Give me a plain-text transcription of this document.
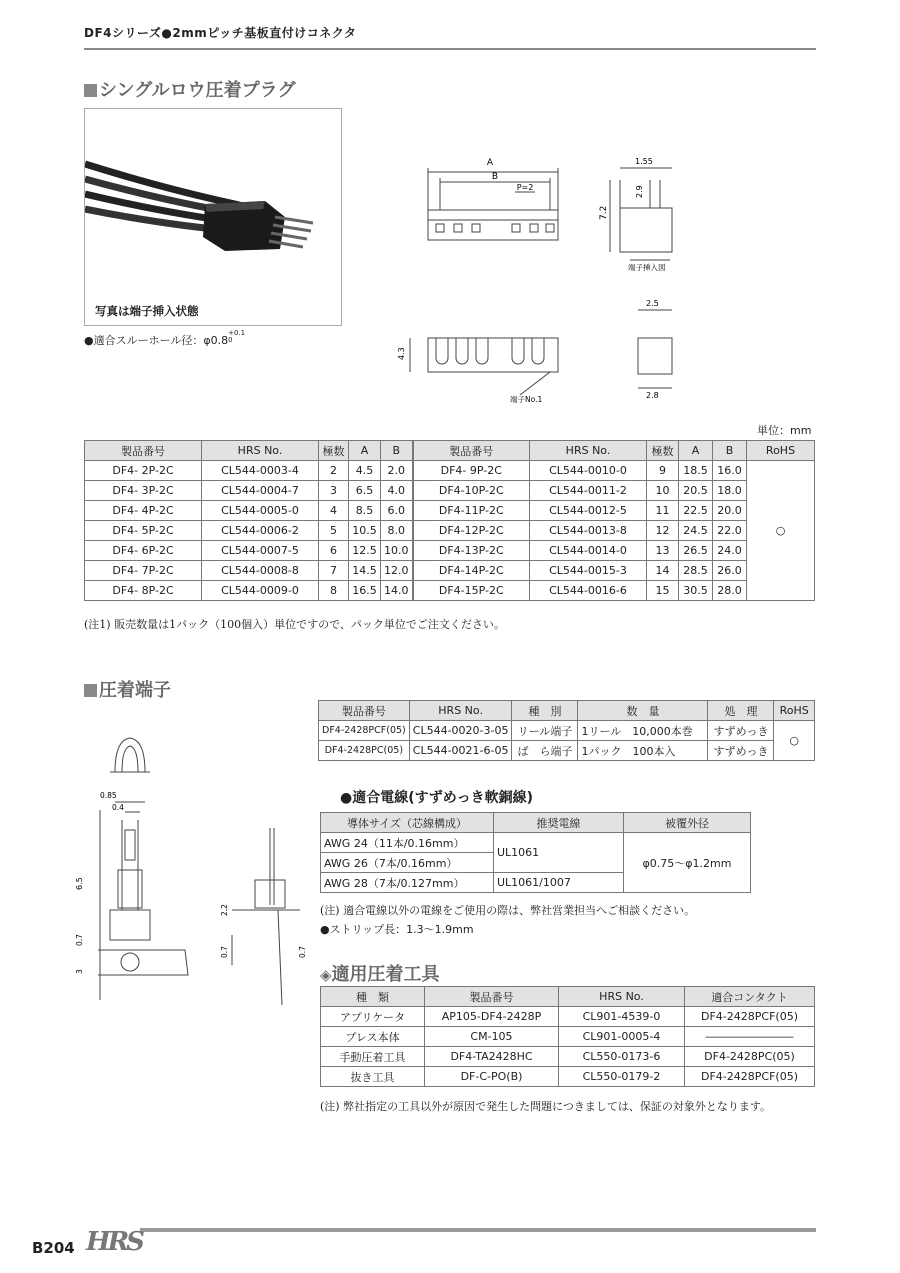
DF4シリーズ●2mmピッチ基板直付けコネクタ
シングルロウ圧着プラグ
写真は端子挿入状態
●適合スルーホール径：φ0.8
+0.1
0
A
B
P=2
1.55
2.9
7.2
端子挿入図
2.5
4.3
2.8
端子No.1
単位：mm
製品番号	HRS No.	極数	A	B	製品番号	HRS No.	極数	A	B	RoHS
DF4- 2P-2C	CL544-0003-4	2	4.5	2.0	DF4- 9P-2C	CL544-0010-0	9	18.5	16.0	○
DF4- 3P-2C	CL544-0004-7	3	6.5	4.0	DF4-10P-2C	CL544-0011-2	10	20.5	18.0	
DF4- 4P-2C	CL544-0005-0	4	8.5	6.0	DF4-11P-2C	CL544-0012-5	11	22.5	20.0	
DF4- 5P-2C	CL544-0006-2	5	10.5	8.0	DF4-12P-2C	CL544-0013-8	12	24.5	22.0	
DF4- 6P-2C	CL544-0007-5	6	12.5	10.0	DF4-13P-2C	CL544-0014-0	13	26.5	24.0	
DF4- 7P-2C	CL544-0008-8	7	14.5	12.0	DF4-14P-2C	CL544-0015-3	14	28.5	26.0	
DF4- 8P-2C	CL544-0009-0	8	16.5	14.0	DF4-15P-2C	CL544-0016-6	15	30.5	28.0	
(注1) 販売数量は1パック（100個入）単位ですので、パック単位でご注文ください。
圧着端子
製品番号	HRS No.	種　別	数　量	処　理	RoHS
DF4-2428PCF(05)	CL544-0020-3-05	リール端子	1リール　10,000本巻	すずめっき	○
DF4-2428PC(05)	CL544-0021-6-05	ば　ら端子	1パック　100本入	すずめっき	
0.85
0.4
6.5
0.7
3
2.2
0.7	0.7
●適合電線(すずめっき軟銅線)
導体サイズ（芯線構成）	推奨電線	被覆外径
AWG 24（11本/0.16mm）	UL1061	φ0.75～φ1.2mm
AWG 26（7本/0.16mm）		
AWG 28（7本/0.127mm）	UL1061/1007	
(注) 適合電線以外の電線をご使用の際は、弊社営業担当へご相談ください。
●ストリップ長：1.3～1.9mm
◈適用圧着工具
種　類	製品番号	HRS No.	適合コンタクト
アプリケータ	AP105-DF4-2428P	CL901-4539-0	DF4-2428PCF(05)
プレス本体	CM-105	CL901-0005-4	――――――――
手動圧着工具	DF4-TA2428HC	CL550-0173-6	DF4-2428PC(05)
抜き工具	DF-C-PO(B)	CL550-0179-2	DF4-2428PCF(05)
(注) 弊社指定の工具以外が原因で発生した問題につきましては、保証の対象外となります。
B204 HRS
